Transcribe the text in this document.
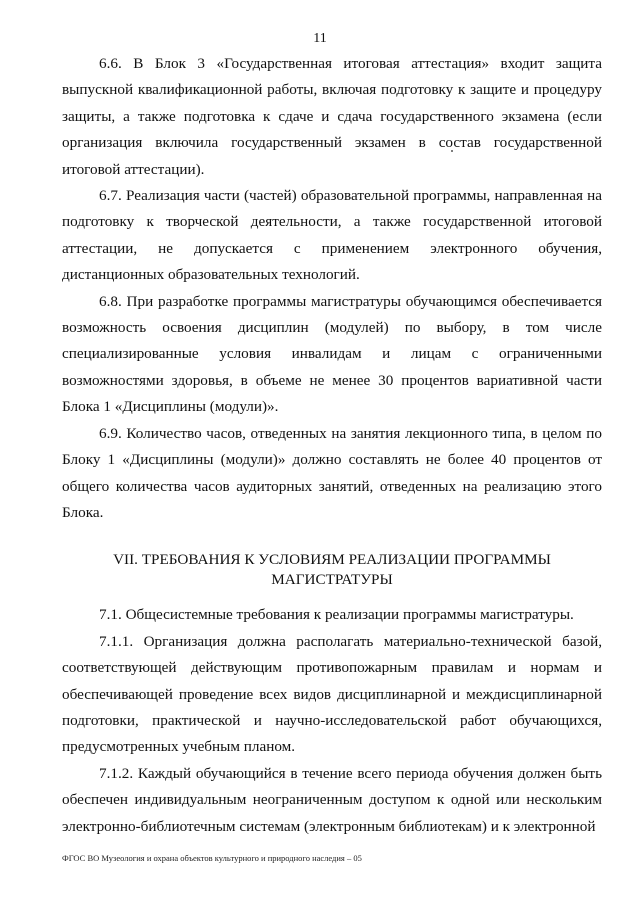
11

6.6. В Блок 3 «Государственная итоговая аттестация» входит защита выпускной квалификационной работы, включая подготовку к защите и процедуру защиты, а также подготовка к сдаче и сдача государственного экзамена (если организация включила государственный экзамен в состав государственной итоговой аттестации).

6.7. Реализация части (частей) образовательной программы, направленная на подготовку к творческой деятельности, а также государственной итоговой аттестации, не допускается с применением электронного обучения, дистанционных образовательных технологий.

6.8. При разработке программы магистратуры обучающимся обеспечивается возможность освоения дисциплин (модулей) по выбору, в том числе специализированные условия инвалидам и лицам с ограниченными возможностями здоровья, в объеме не менее 30 процентов вариативной части Блока 1 «Дисциплины (модули)».

6.9. Количество часов, отведенных на занятия лекционного типа, в целом по Блоку 1 «Дисциплины (модули)» должно составлять не более 40 процентов от общего количества часов аудиторных занятий, отведенных на реализацию этого Блока.

VII. ТРЕБОВАНИЯ К УСЛОВИЯМ РЕАЛИЗАЦИИ ПРОГРАММЫ
МАГИСТРАТУРЫ

7.1. Общесистемные требования к реализации программы магистратуры.

7.1.1. Организация должна располагать материально-технической базой, соответствующей действующим противопожарным правилам и нормам и обеспечивающей проведение всех видов дисциплинарной и междисциплинарной подготовки, практической и научно-исследовательской работ обучающихся, предусмотренных учебным планом.

7.1.2. Каждый обучающийся в течение всего периода обучения должен быть обеспечен индивидуальным неограниченным доступом к одной или нескольким электронно-библиотечным системам (электронным библиотекам) и к электронной

ФГОС ВО Музеология и охрана объектов культурного и природного наследия – 05
